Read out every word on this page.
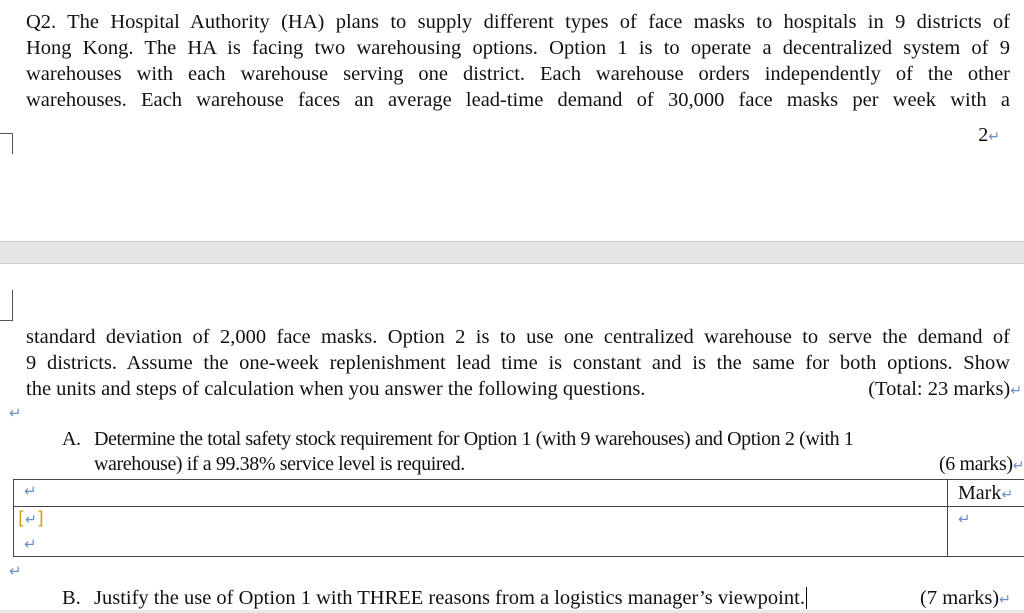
Q2. The Hospital Authority (HA) plans to supply different types of face masks to hospitals in 9 districts of
Hong Kong. The HA is facing two warehousing options. Option 1 is to operate a decentralized system of 9
warehouses with each warehouse serving one district. Each warehouse orders independently of the other
warehouses. Each warehouse faces an average lead-time demand of 30,000 face masks per week with a
2↵
standard deviation of 2,000 face masks. Option 2 is to use one centralized warehouse to serve the demand of
9 districts. Assume the one-week replenishment lead time is constant and is the same for both options. Show
the units and steps of calculation when you answer the following questions.	(Total: 23 marks)↵
↵
A. Determine the total safety stock requirement for Option 1 (with 9 warehouses) and Option 2 (with 1
warehouse) if a 99.38% service level is required.	(6 marks)↵
↵	Mark↵
[↵]	↵
↵
↵
B. Justify the use of Option 1 with THREE reasons from a logistics manager’s viewpoint.	(7 marks)↵
